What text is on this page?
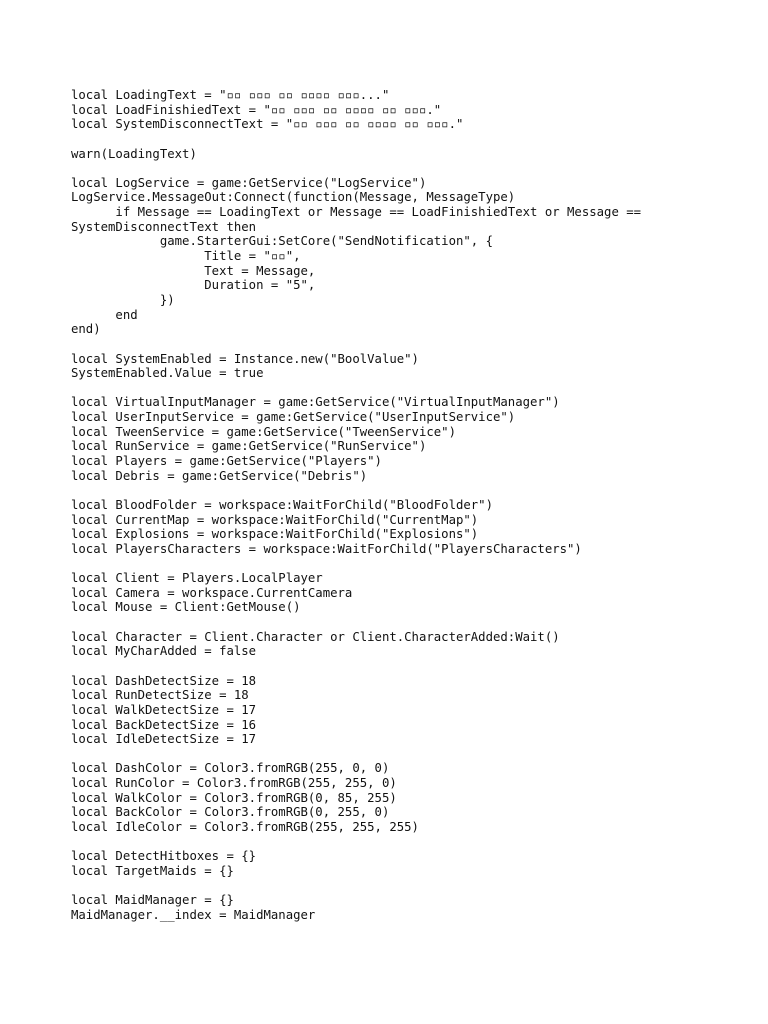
local LoadingText = "▫▫ ▫▫▫ ▫▫ ▫▫▫▫ ▫▫▫..."
local LoadFinishiedText = "▫▫ ▫▫▫ ▫▫ ▫▫▫▫ ▫▫ ▫▫▫."
local SystemDisconnectText = "▫▫ ▫▫▫ ▫▫ ▫▫▫▫ ▫▫ ▫▫▫."
warn(LoadingText)
local LogService = game:GetService("LogService")
LogService.MessageOut:Connect(function(Message, MessageType)
if Message == LoadingText or Message == LoadFinishiedText or Message ==
SystemDisconnectText then
game.StarterGui:SetCore("SendNotification", {
Title = "▫▫",
Text = Message,
Duration = "5",
})
end
end)
local SystemEnabled = Instance.new("BoolValue")
SystemEnabled.Value = true
local VirtualInputManager = game:GetService("VirtualInputManager")
local UserInputService = game:GetService("UserInputService")
local TweenService = game:GetService("TweenService")
local RunService = game:GetService("RunService")
local Players = game:GetService("Players")
local Debris = game:GetService("Debris")
local BloodFolder = workspace:WaitForChild("BloodFolder")
local CurrentMap = workspace:WaitForChild("CurrentMap")
local Explosions = workspace:WaitForChild("Explosions")
local PlayersCharacters = workspace:WaitForChild("PlayersCharacters")
local Client = Players.LocalPlayer
local Camera = workspace.CurrentCamera
local Mouse = Client:GetMouse()
local Character = Client.Character or Client.CharacterAdded:Wait()
local MyCharAdded = false
local DashDetectSize = 18
local RunDetectSize = 18
local WalkDetectSize = 17
local BackDetectSize = 16
local IdleDetectSize = 17
local DashColor = Color3.fromRGB(255, 0, 0)
local RunColor = Color3.fromRGB(255, 255, 0)
local WalkColor = Color3.fromRGB(0, 85, 255)
local BackColor = Color3.fromRGB(0, 255, 0)
local IdleColor = Color3.fromRGB(255, 255, 255)
local DetectHitboxes = {}
local TargetMaids = {}
local MaidManager = {}
MaidManager.__index = MaidManager
